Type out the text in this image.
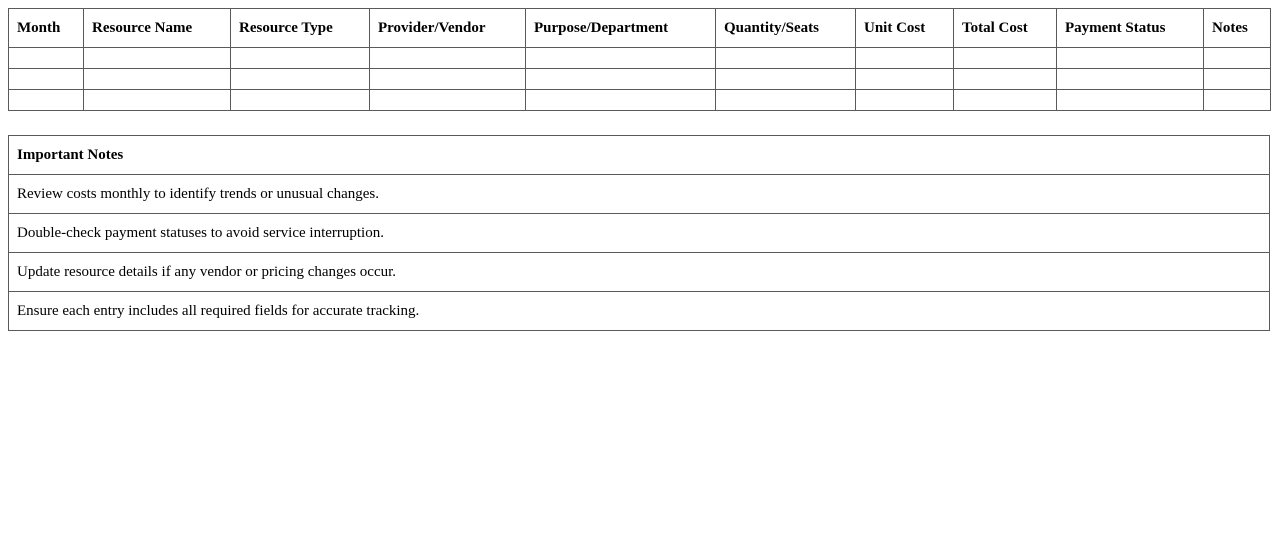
Month	Resource Name	Resource Type	Provider/Vendor	Purpose/Department	Quantity/Seats	Unit Cost	Total Cost	Payment Status	Notes

Important Notes
Review costs monthly to identify trends or unusual changes.
Double-check payment statuses to avoid service interruption.
Update resource details if any vendor or pricing changes occur.
Ensure each entry includes all required fields for accurate tracking.
